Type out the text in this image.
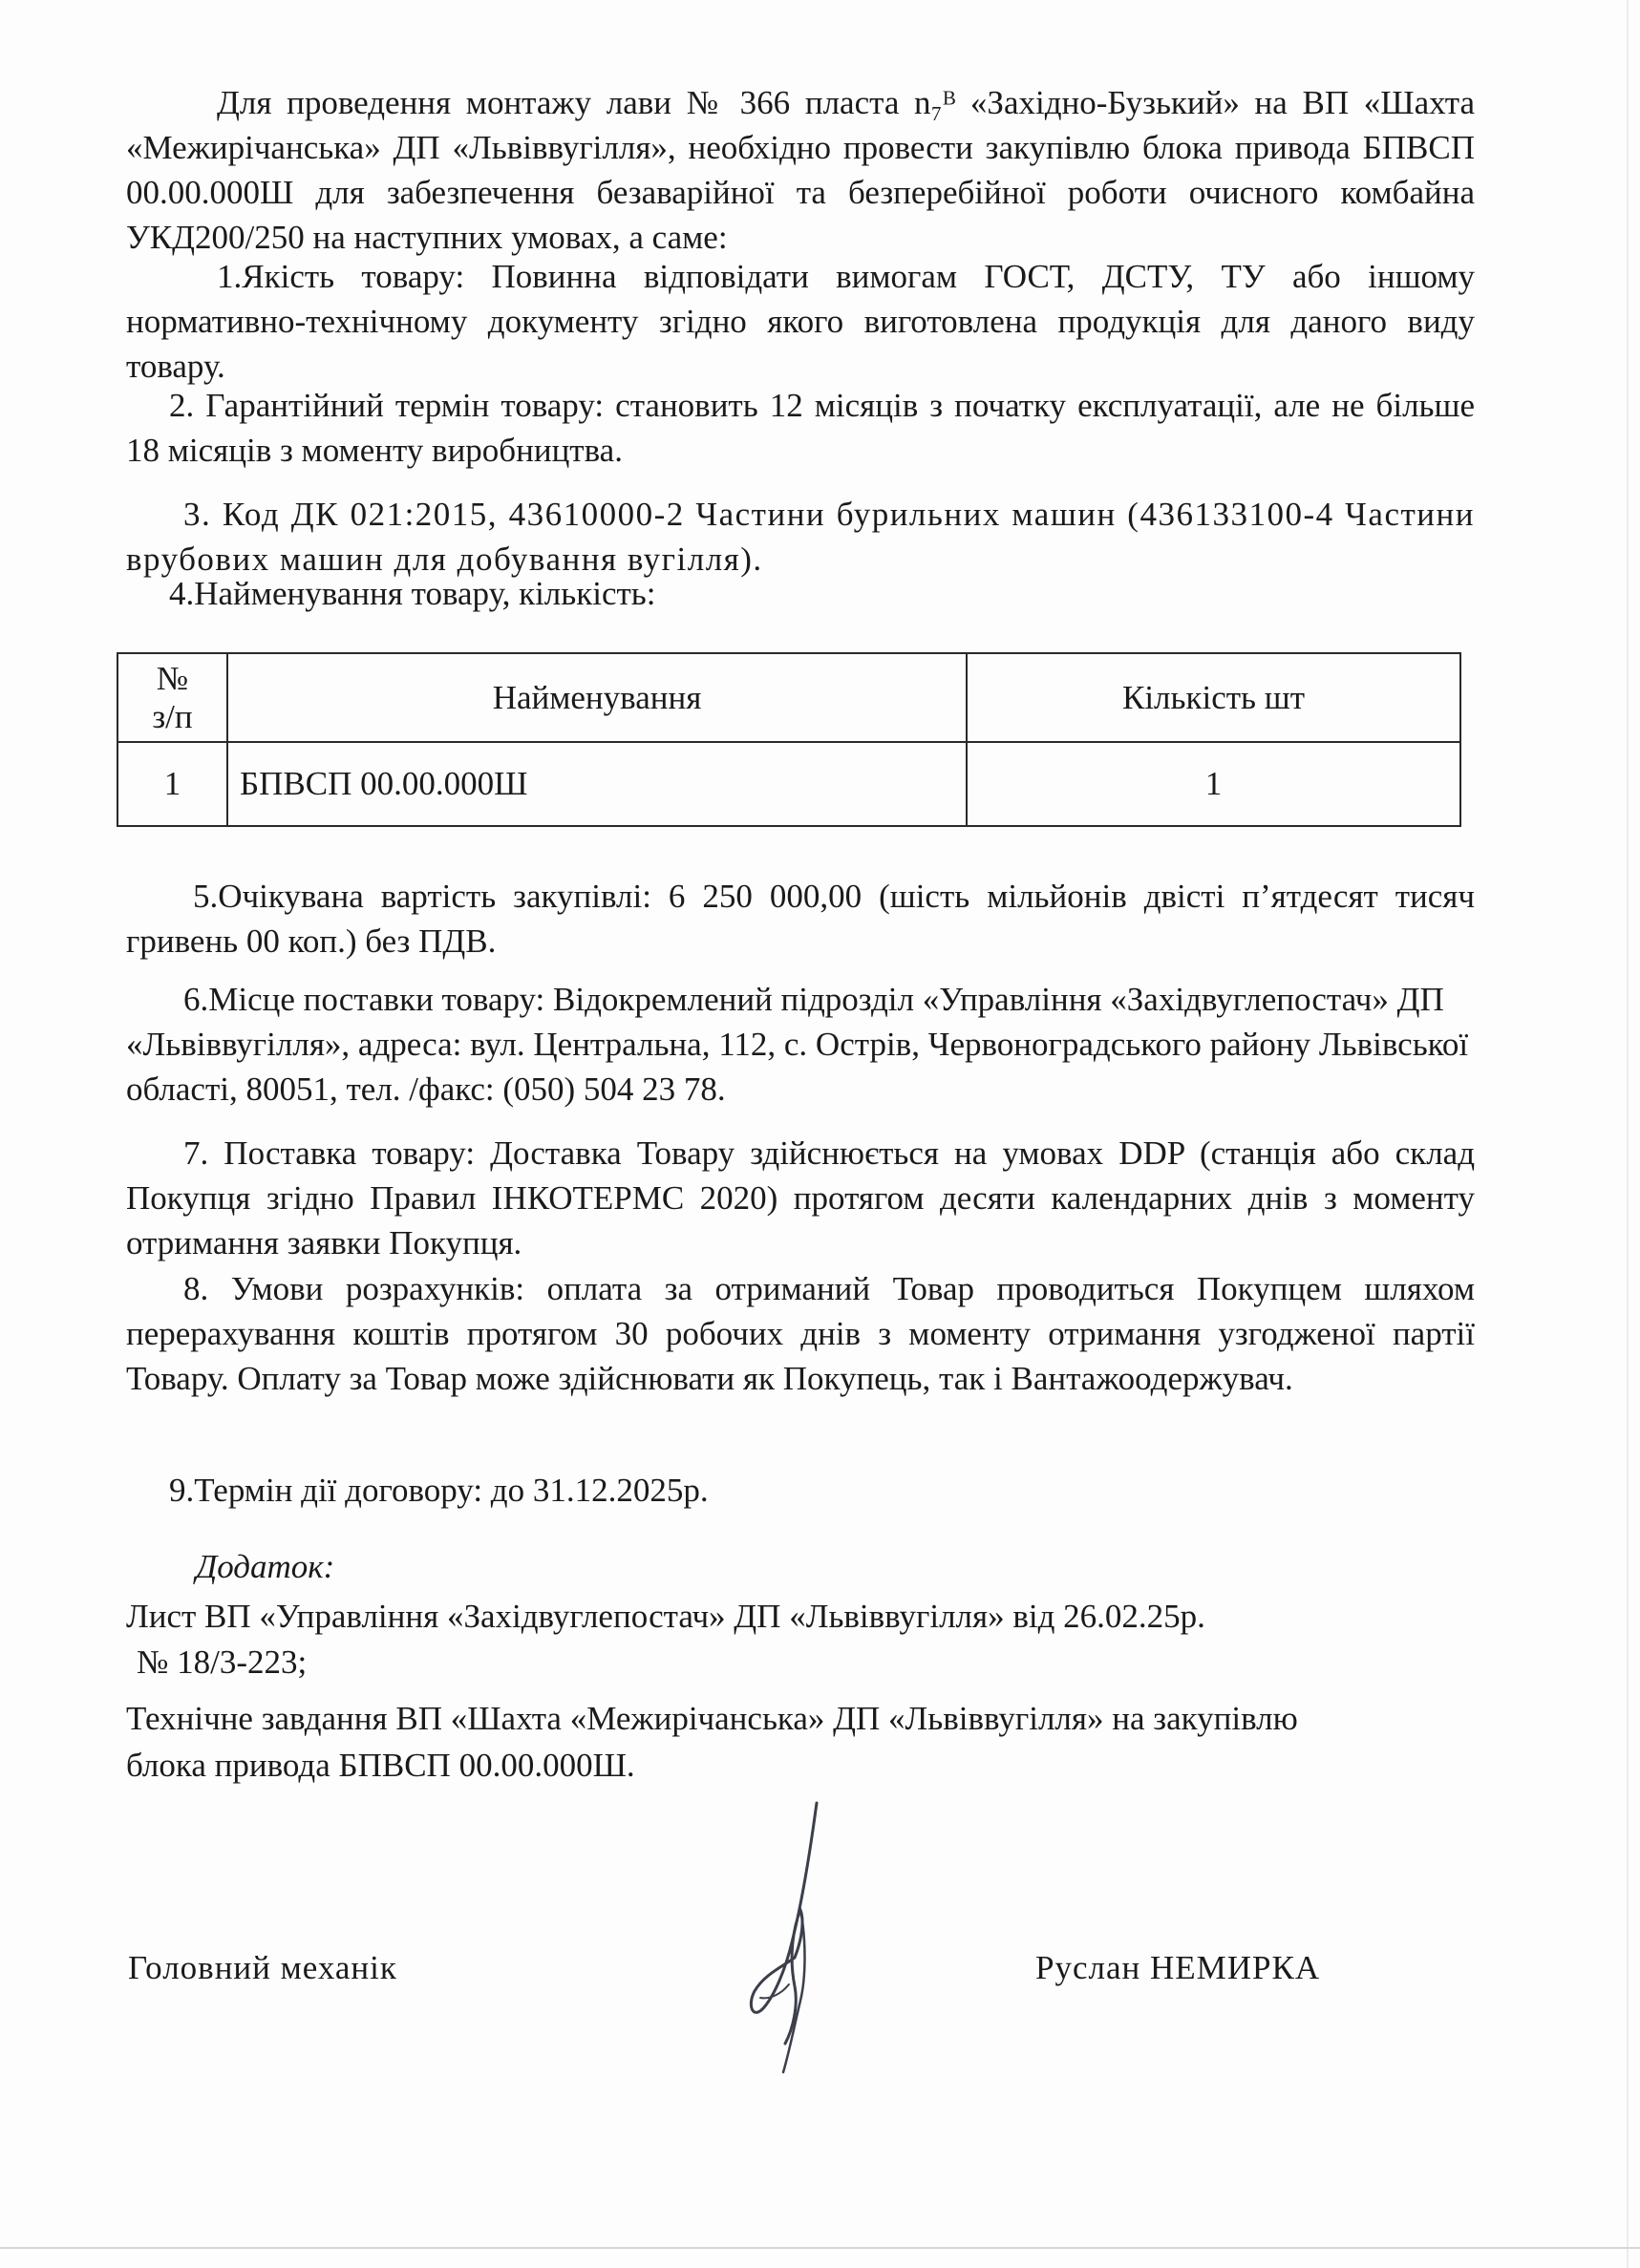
Для проведення монтажу лави № 366 пласта n₇ᴮ «Західно-Бузький» на ВП «Шахта «Межирічанська» ДП «Львіввугілля», необхідно провести закупівлю блока привода БПВСП 00.00.000Ш для забезпечення безаварійної та безперебійної роботи очисного комбайна УКД200/250 на наступних умовах, а саме:

1.Якість товару: Повинна відповідати вимогам ГОСТ, ДСТУ, ТУ або іншому нормативно-технічному документу згідно якого виготовлена продукція для даного виду товару.

2. Гарантійний термін товару: становить 12 місяців з початку експлуатації, але не більше 18 місяців з моменту виробництва.

3. Код ДК 021:2015, 43610000-2 Частини бурильних машин (436133100-4 Частини врубових машин для добування вугілля).

4.Найменування товару, кількість:

№ з/п	Найменування	Кількість шт
1	БПВСП 00.00.000Ш	1

5.Очікувана вартість закупівлі: 6 250 000,00 (шість мільйонів двісті п’ятдесят тисяч гривень 00 коп.) без ПДВ.

6.Місце поставки товару: Відокремлений підрозділ «Управління «Західвуглепостач» ДП «Львіввугілля», адреса: вул. Центральна, 112, с. Острів, Червоноградського району Львівської області, 80051, тел. /факс: (050) 504 23 78.

7. Поставка товару: Доставка Товару здійснюється на умовах DDP (станція або склад Покупця згідно Правил ІНКОТЕРМС 2020) протягом десяти календарних днів з моменту отримання заявки Покупця.

8. Умови розрахунків: оплата за отриманий Товар проводиться Покупцем шляхом перерахування коштів протягом 30 робочих днів з моменту отримання узгодженої партії Товару. Оплату за Товар може здійснювати як Покупець, так і Вантажоодержувач.

9.Термін дії договору: до 31.12.2025р.

Додаток:
Лист ВП «Управління «Західвуглепостач» ДП «Львіввугілля» від 26.02.25р.
№ 18/3-223;
Технічне завдання ВП «Шахта «Межирічанська» ДП «Львіввугілля» на закупівлю
блока привода БПВСП 00.00.000Ш.
Головний механік	Руслан НЕМИРКА
